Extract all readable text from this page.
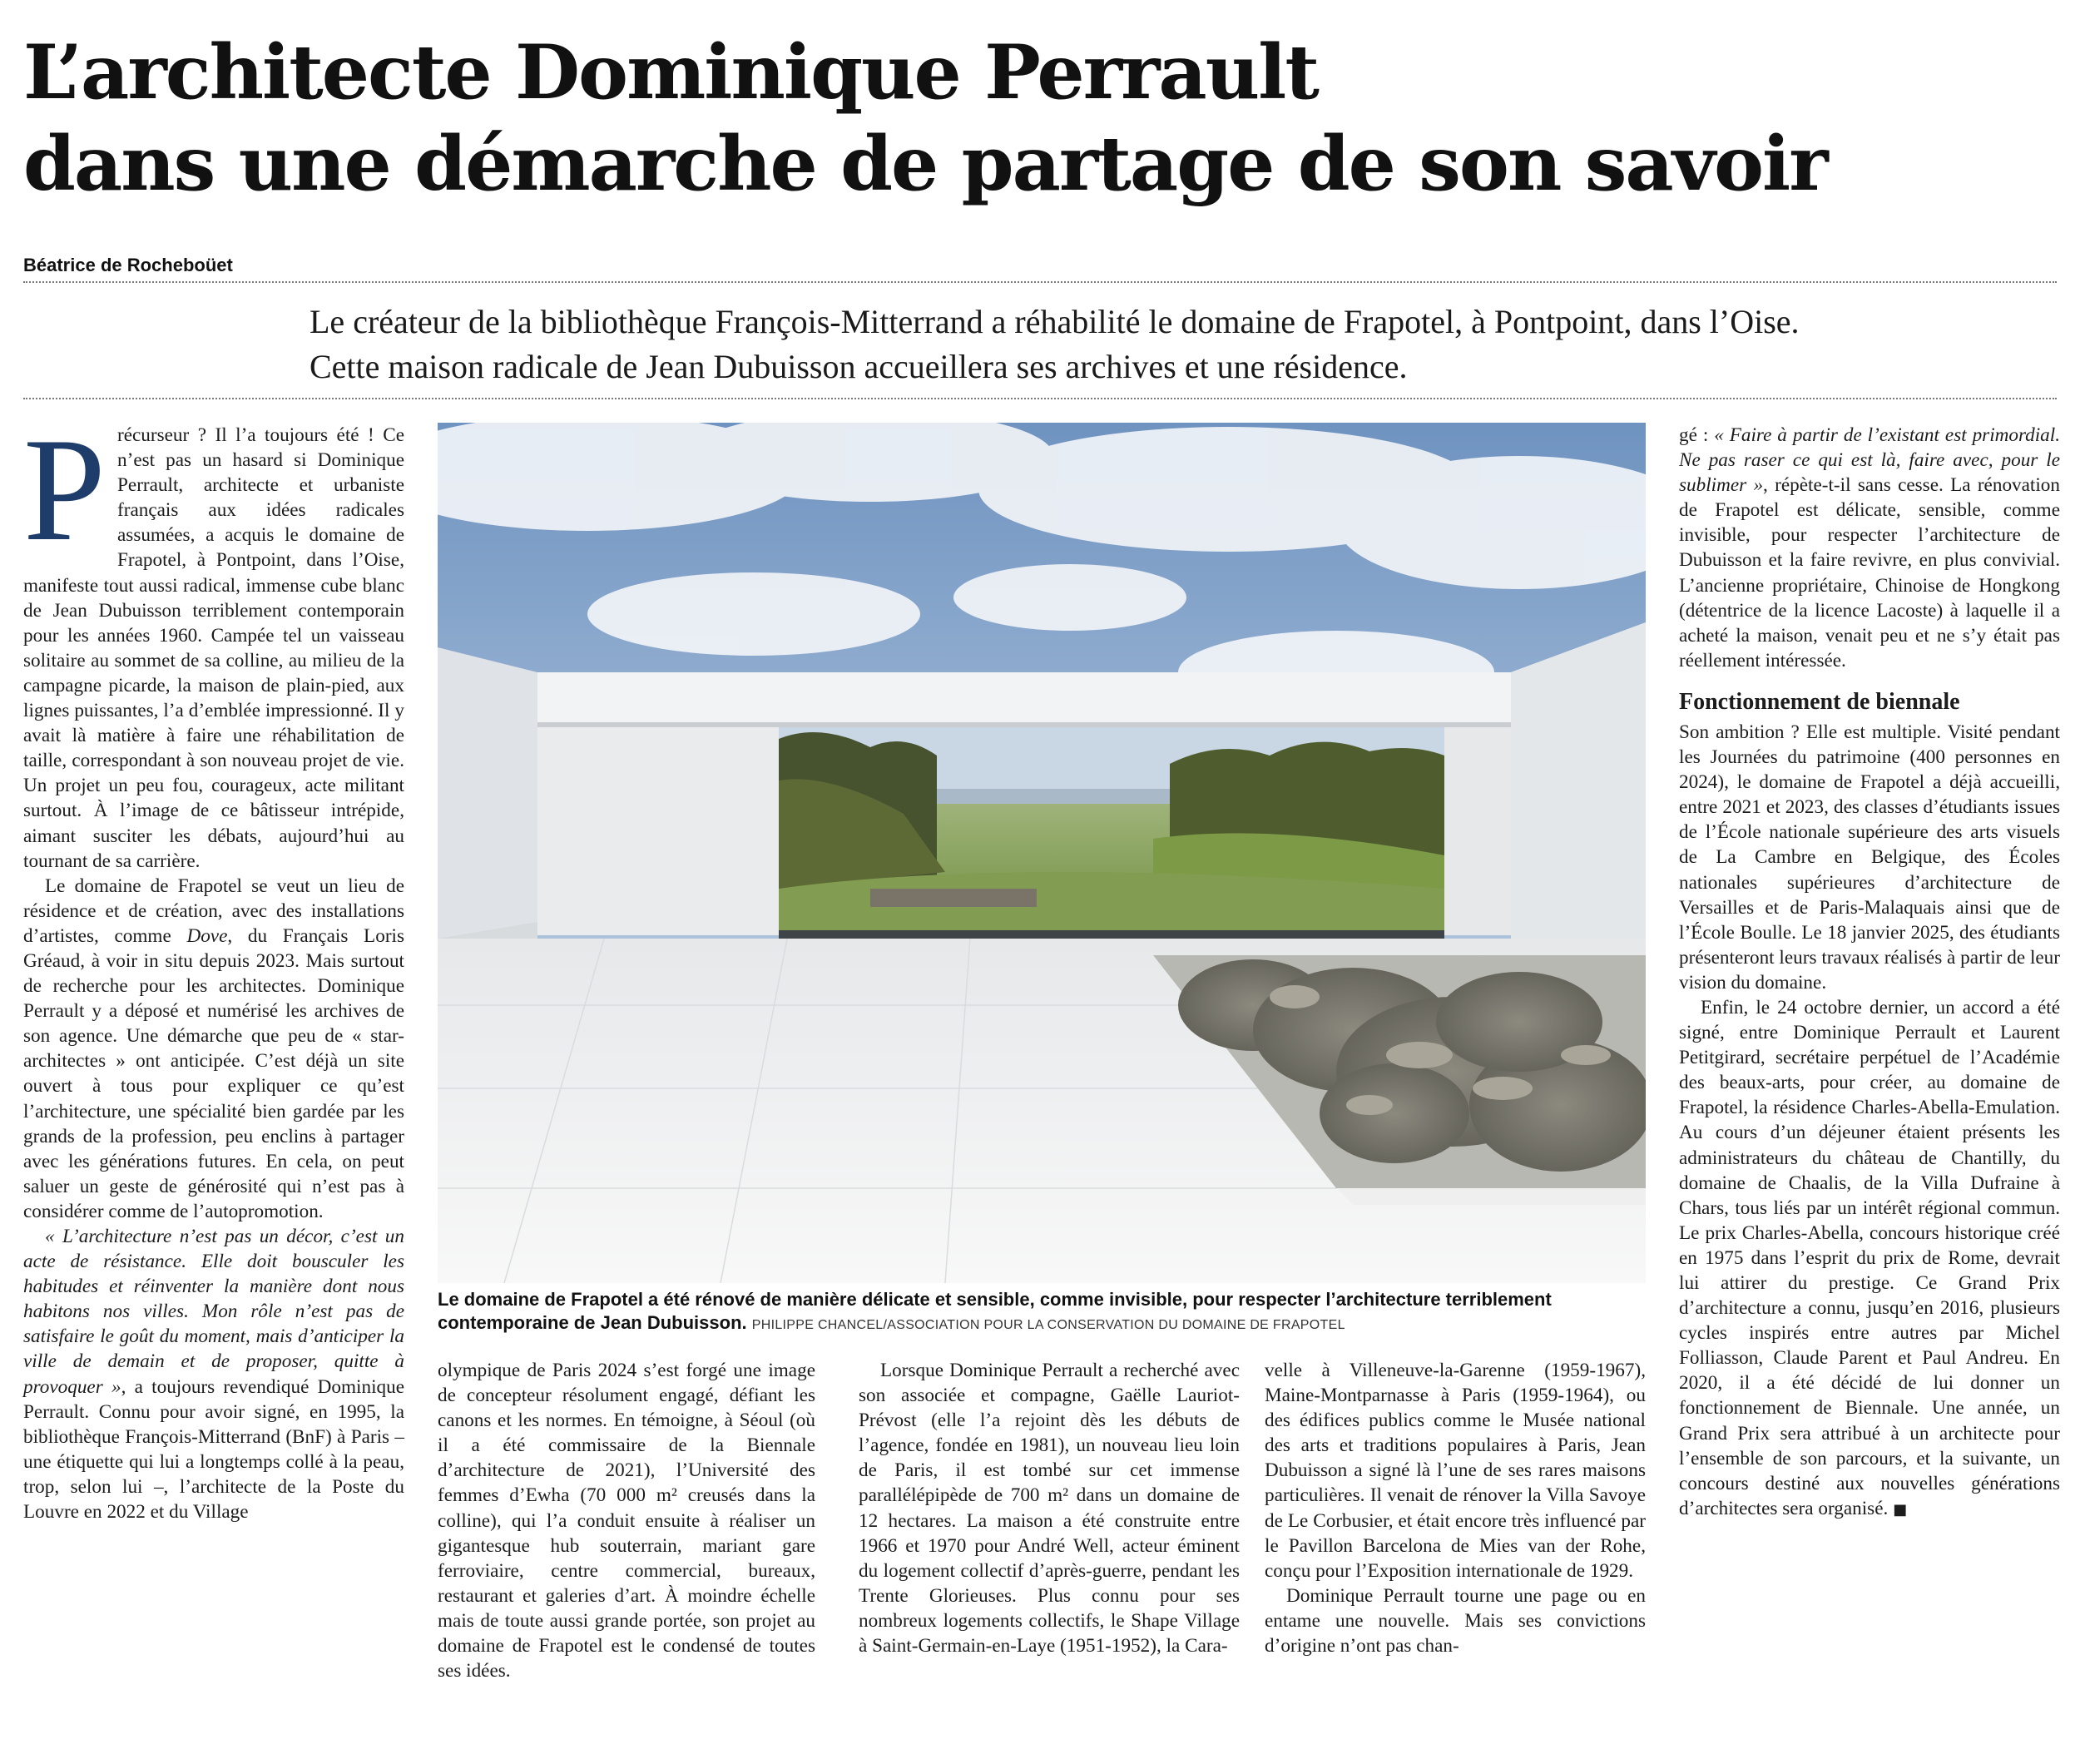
L’architecte Dominique Perrault
dans une démarche de partage de son savoir
Béatrice de Rocheboüet
Le créateur de la bibliothèque François-Mitterrand a réhabilité le domaine de Frapotel, à Pontpoint, dans l’Oise.
Cette maison radicale de Jean Dubuisson accueillera ses archives et une résidence.

Précurseur ? Il l’a toujours été ! Ce n’est pas un hasard si Dominique Perrault, architecte et urbaniste français aux idées radicales assumées, a acquis le domaine de Frapotel, à Pontpoint, dans l’Oise, manifeste tout aussi radical, immense cube blanc de Jean Dubuisson terriblement contemporain pour les années 1960. Campée tel un vaisseau solitaire au sommet de sa colline, au milieu de la campagne picarde, la maison de plain-pied, aux lignes puissantes, l’a d’emblée impressionné. Il y avait là matière à faire une réhabilitation de taille, correspondant à son nouveau projet de vie. Un projet un peu fou, courageux, acte militant surtout. À l’image de ce bâtisseur intrépide, aimant susciter les débats, aujourd’hui au tournant de sa carrière.

Le domaine de Frapotel se veut un lieu de résidence et de création, avec des installations d’artistes, comme Dove, du Français Loris Gréaud, à voir in situ depuis 2023. Mais surtout de recherche pour les architectes. Dominique Perrault y a déposé et numérisé les archives de son agence. Une démarche que peu de « star-architectes » ont anticipée. C’est déjà un site ouvert à tous pour expliquer ce qu’est l’architecture, une spécialité bien gardée par les grands de la profession, peu enclins à partager avec les générations futures. En cela, on peut saluer un geste de générosité qui n’est pas à considérer comme de l’autopromotion.

« L’architecture n’est pas un décor, c’est un acte de résistance. Elle doit bousculer les habitudes et réinventer la manière dont nous habitons nos villes. Mon rôle n’est pas de satisfaire le goût du moment, mais d’anticiper la ville de demain et de proposer, quitte à provoquer », a toujours revendiqué Dominique Perrault. Connu pour avoir signé, en 1995, la bibliothèque François-Mitterrand (BnF) à Paris – une étiquette qui lui a longtemps collé à la peau, trop, selon lui –, l’architecte de la Poste du Louvre en 2022 et du Village

Le domaine de Frapotel a été rénové de manière délicate et sensible, comme invisible, pour respecter l’architecture terriblement contemporaine de Jean Dubuisson. PHILIPPE CHANCEL/ASSOCIATION POUR LA CONSERVATION DU DOMAINE DE FRAPOTEL

olympique de Paris 2024 s’est forgé une image de concepteur résolument engagé, défiant les canons et les normes. En témoigne, à Séoul (où il a été commissaire de la Biennale d’architecture de 2021), l’Université des femmes d’Ewha (70 000 m² creusés dans la colline), qui l’a conduit ensuite à réaliser un gigantesque hub souterrain, mariant gare ferroviaire, centre commercial, bureaux, restaurant et galeries d’art. À moindre échelle mais de toute aussi grande portée, son projet au domaine de Frapotel est le condensé de toutes ses idées.

Lorsque Dominique Perrault a recherché avec son associée et compagne, Gaëlle Lauriot-Prévost (elle l’a rejoint dès les débuts de l’agence, fondée en 1981), un nouveau lieu loin de Paris, il est tombé sur cet immense parallélépipède de 700 m² dans un domaine de 12 hectares. La maison a été construite entre 1966 et 1970 pour André Well, acteur éminent du logement collectif d’après-guerre, pendant les Trente Glorieuses. Plus connu pour ses nombreux logements collectifs, le Shape Village à Saint-Germain-en-Laye (1951-1952), la Cara-

velle à Villeneuve-la-Garenne (1959-1967), Maine-Montparnasse à Paris (1959-1964), ou des édifices publics comme le Musée national des arts et traditions populaires à Paris, Jean Dubuisson a signé là l’une de ses rares maisons particulières. Il venait de rénover la Villa Savoye de Le Corbusier, et était encore très influencé par le Pavillon Barcelona de Mies van der Rohe, conçu pour l’Exposition internationale de 1929.

Dominique Perrault tourne une page ou en entame une nouvelle. Mais ses convictions d’origine n’ont pas chan-

gé : « Faire à partir de l’existant est primordial. Ne pas raser ce qui est là, faire avec, pour le sublimer », répète-t-il sans cesse. La rénovation de Frapotel est délicate, sensible, comme invisible, pour respecter l’architecture de Dubuisson et la faire revivre, en plus convivial. L’ancienne propriétaire, Chinoise de Hongkong (détentrice de la licence Lacoste) à laquelle il a acheté la maison, venait peu et ne s’y était pas réellement intéressée.

Fonctionnement de biennale

Son ambition ? Elle est multiple. Visité pendant les Journées du patrimoine (400 personnes en 2024), le domaine de Frapotel a déjà accueilli, entre 2021 et 2023, des classes d’étudiants issues de l’École nationale supérieure des arts visuels de La Cambre en Belgique, des Écoles nationales supérieures d’architecture de Versailles et de Paris-Malaquais ainsi que de l’École Boulle. Le 18 janvier 2025, des étudiants présenteront leurs travaux réalisés à partir de leur vision du domaine.

Enfin, le 24 octobre dernier, un accord a été signé, entre Dominique Perrault et Laurent Petitgirard, secrétaire perpétuel de l’Académie des beaux-arts, pour créer, au domaine de Frapotel, la résidence Charles-Abella-Emulation. Au cours d’un déjeuner étaient présents les administrateurs du château de Chantilly, du domaine de Chaalis, de la Villa Dufraine à Chars, tous liés par un intérêt régional commun. Le prix Charles-Abella, concours historique créé en 1975 dans l’esprit du prix de Rome, devrait lui attirer du prestige. Ce Grand Prix d’architecture a connu, jusqu’en 2016, plusieurs cycles inspirés entre autres par Michel Folliasson, Claude Parent et Paul Andreu. En 2020, il a été décidé de lui donner un fonctionnement de Biennale. Une année, un Grand Prix sera attribué à un architecte pour l’ensemble de son parcours, et la suivante, un concours destiné aux nouvelles générations d’architectes sera organisé. ■
